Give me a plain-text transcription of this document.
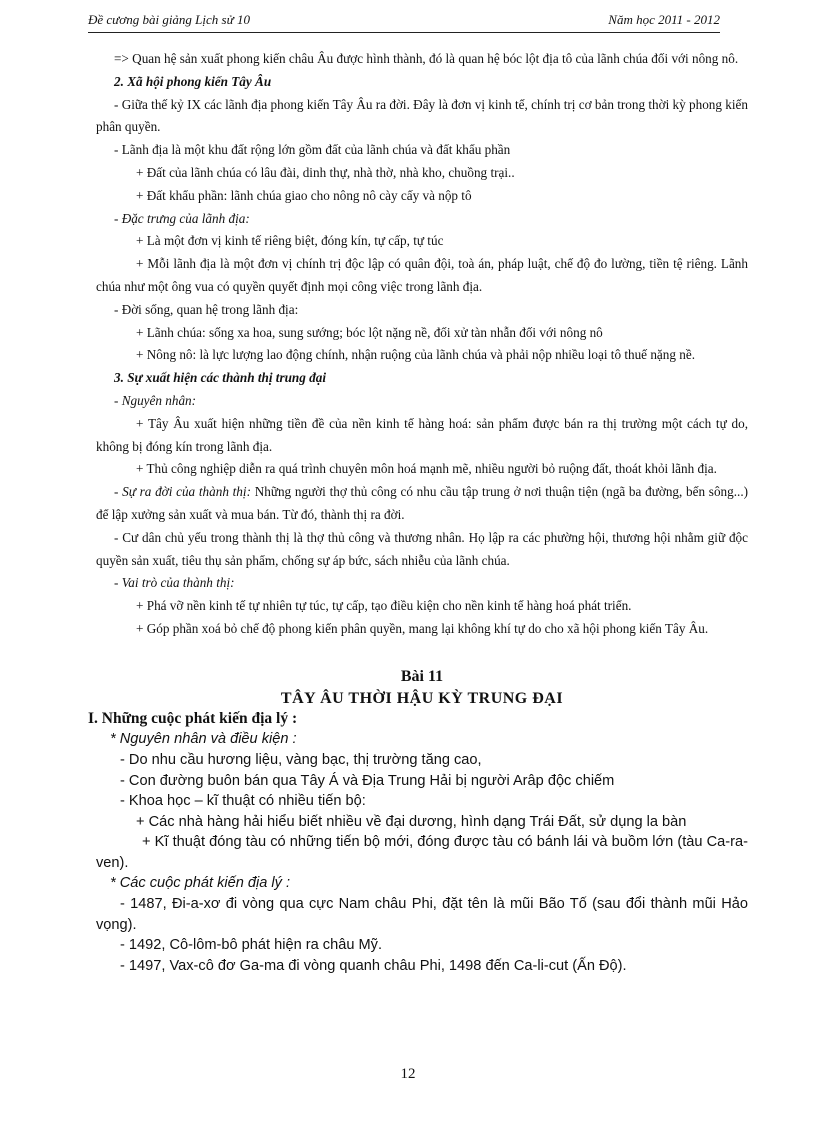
Đề cương bài giảng Lịch sử 10	Năm học 2011 - 2012

=> Quan hệ sản xuất phong kiến châu Âu được hình thành, đó là quan hệ bóc lột địa tô của lãnh chúa đối với nông nô.

2. Xã hội phong kiến Tây Âu

- Giữa thế kỷ IX các lãnh địa phong kiến Tây Âu ra đời. Đây là đơn vị kinh tế, chính trị cơ bản trong thời kỳ phong kiến phân quyền.

- Lãnh địa là một khu đất rộng lớn gồm đất của lãnh chúa và đất khẩu phần

+ Đất của lãnh chúa có lâu đài, dinh thự, nhà thờ, nhà kho, chuồng trại..

+ Đất khẩu phần: lãnh chúa giao cho nông nô cày cấy và nộp tô

- Đặc trưng của lãnh địa:

+ Là một đơn vị kinh tế riêng biệt, đóng kín, tự cấp, tự túc

+ Mỗi lãnh địa là một đơn vị chính trị độc lập có quân đội, toà án, pháp luật, chế độ đo lường, tiền tệ riêng. Lãnh chúa như một ông vua có quyền quyết định mọi công việc trong lãnh địa.

- Đời sống, quan hệ trong lãnh địa:

+ Lãnh chúa: sống xa hoa, sung sướng; bóc lột nặng nề, đối xử tàn nhẫn đối với nông nô

+ Nông nô: là lực lượng lao động chính, nhận ruộng của lãnh chúa và phải nộp nhiều loại tô thuế nặng nề.

3. Sự xuất hiện các thành thị trung đại

- Nguyên nhân:

+ Tây Âu xuất hiện những tiền đề của nền kinh tế hàng hoá: sản phẩm được bán ra thị trường một cách tự do, không bị đóng kín trong lãnh địa.

+ Thủ công nghiệp diễn ra quá trình chuyên môn hoá mạnh mẽ, nhiều người bỏ ruộng đất, thoát khỏi lãnh địa.

- Sự ra đời của thành thị: Những người thợ thủ công có nhu cầu tập trung ở nơi thuận tiện (ngã ba đường, bến sông...) để lập xưởng sản xuất và mua bán. Từ đó, thành thị ra đời.

- Cư dân chủ yếu trong thành thị là thợ thủ công và thương nhân. Họ lập ra các phường hội, thương hội nhằm giữ độc quyền sản xuất, tiêu thụ sản phẩm, chống sự áp bức, sách nhiễu của lãnh chúa.

- Vai trò của thành thị:

+ Phá vỡ nền kinh tế tự nhiên tự túc, tự cấp, tạo điều kiện cho nền kinh tế hàng hoá phát triển.

+ Góp phần xoá bỏ chế độ phong kiến phân quyền, mang lại không khí tự do cho xã hội phong kiến Tây Âu.

Bài 11

TÂY ÂU THỜI HẬU KỲ TRUNG ĐẠI

I. Những cuộc phát kiến địa lý :

* Nguyên nhân và điều kiện :

- Do nhu cầu hương liệu, vàng bạc, thị trường tăng cao,

- Con đường buôn bán qua Tây Á và Địa Trung Hải bị người Arâp độc chiếm

- Khoa học – kĩ thuật có nhiều tiến bộ:

+ Các nhà hàng hải hiểu biết nhiều về đại dương, hình dạng Trái Đất, sử dụng la bàn

+ Kĩ thuật đóng tàu có những tiến bộ mới, đóng được tàu có bánh lái và buồm lớn (tàu Ca-ra-ven).

* Các cuộc phát kiến địa lý :

- 1487, Đi-a-xơ đi vòng qua cực Nam châu Phi, đặt tên là mũi Bão Tố (sau đổi thành mũi Hảo vọng).

- 1492, Cô-lôm-bô phát hiện ra châu Mỹ.

- 1497, Vax-cô đơ Ga-ma đi vòng quanh châu Phi, 1498 đến Ca-li-cut (Ấn Độ).

12
